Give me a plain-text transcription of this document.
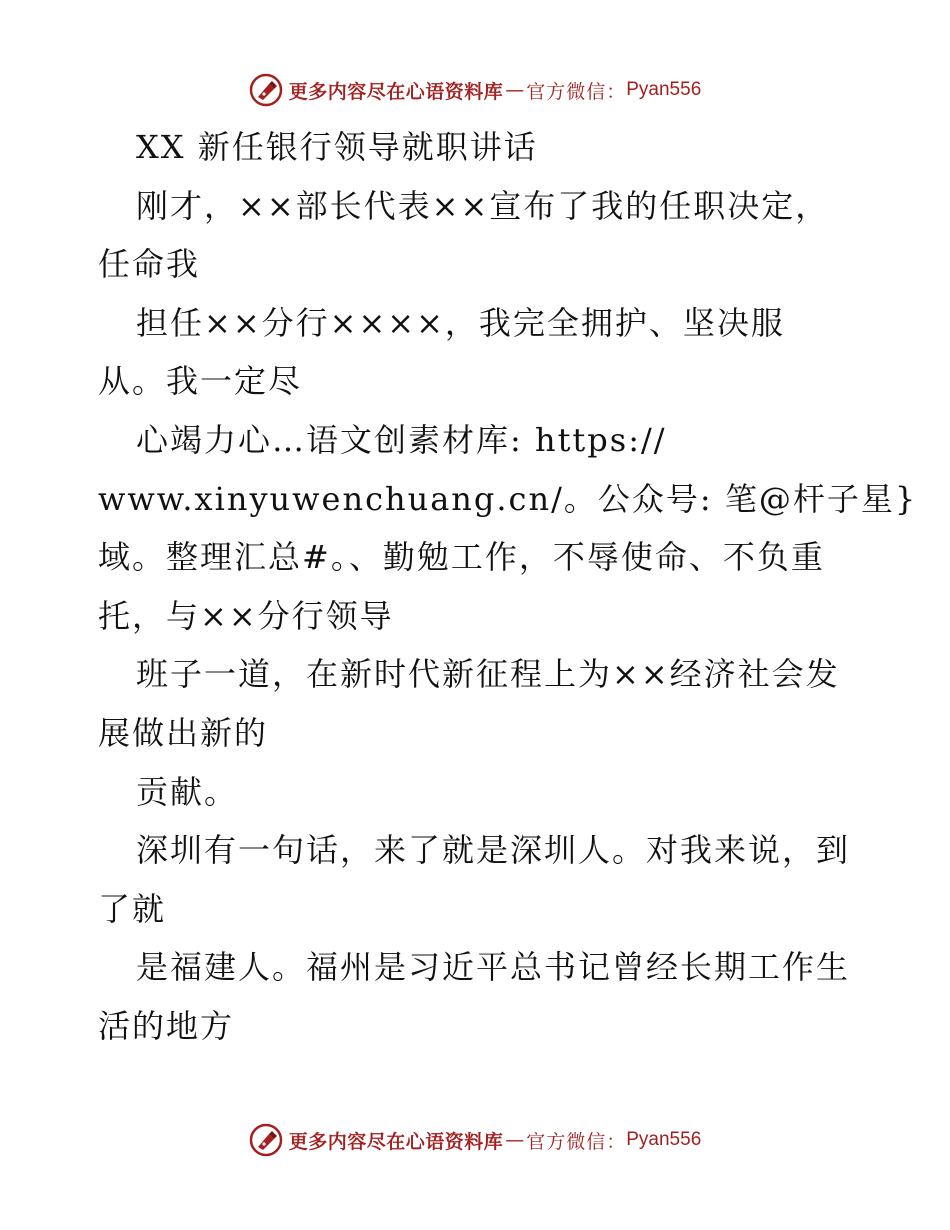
更多内容尽在心语资料库 — 官方微信： Pyan556
XX 新任银行领导就职讲话
刚才，××部长代表××宣布了我的任职决定，
任命我
担任××分行××××，我完全拥护、坚决服
从。我一定尽
心竭力心…语文创素材库: https://
www.xinyuwenchuang.cn/。公众号: 笔@杆子星}
域。整理汇总#。、勤勉工作，不辱使命、不负重
托，与××分行领导
班子一道，在新时代新征程上为××经济社会发
展做出新的
贡献。
深圳有一句话，来了就是深圳人。对我来说，到
了就
是福建人。福州是习近平总书记曾经长期工作生
活的地方
更多内容尽在心语资料库 — 官方微信： Pyan556
